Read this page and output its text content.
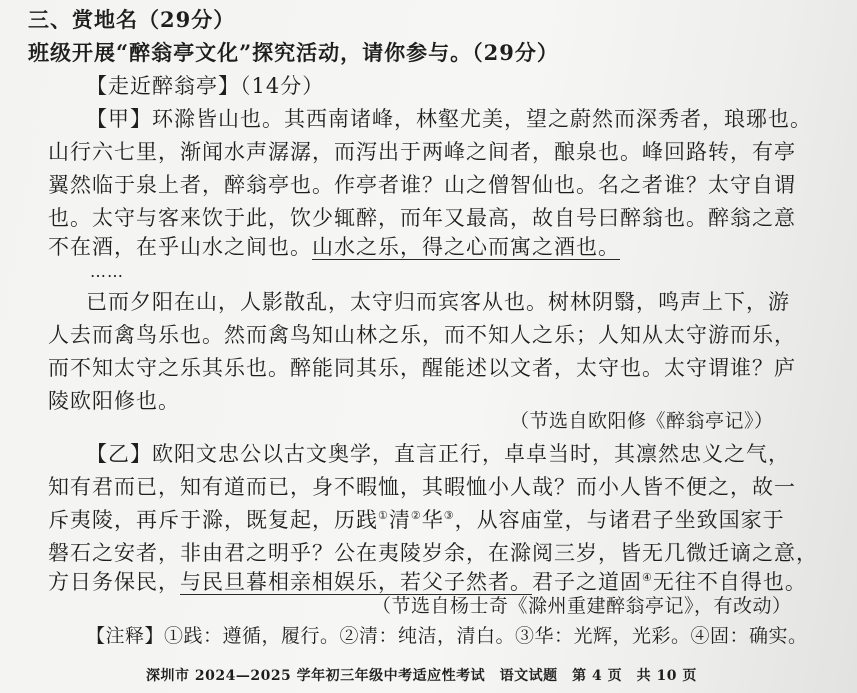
三、赏地名（29分）
班级开展“醉翁亭文化”探究活动，请你参与。（29分）
【走近醉翁亭】（14分）
【甲】环滁皆山也。其西南诸峰，林壑尤美，望之蔚然而深秀者，琅琊也。
山行六七里，渐闻水声潺潺，而泻出于两峰之间者，酿泉也。峰回路转，有亭
翼然临于泉上者，醉翁亭也。作亭者谁？山之僧智仙也。名之者谁？太守自谓
也。太守与客来饮于此，饮少辄醉，而年又最高，故自号曰醉翁也。醉翁之意
不在酒，在乎山水之间也。山水之乐，得之心而寓之酒也。
……
已而夕阳在山，人影散乱，太守归而宾客从也。树林阴翳，鸣声上下，游
人去而禽鸟乐也。然而禽鸟知山林之乐，而不知人之乐；人知从太守游而乐，
而不知太守之乐其乐也。醉能同其乐，醒能述以文者，太守也。太守谓谁？庐
陵欧阳修也。
（节选自欧阳修《醉翁亭记》）
【乙】欧阳文忠公以古文奥学，直言正行，卓卓当时，其凛然忠义之气，
知有君而已，知有道而已，身不暇恤，其暇恤小人哉？而小人皆不便之，故一
斥夷陵，再斥于滁，既复起，历践①清②华③，从容庙堂，与诸君子坐致国家于
磐石之安者，非由君之明乎？公在夷陵岁余，在滁阅三岁，皆无几微迁谪之意，
方日务保民，与民旦暮相亲相娱乐，若父子然者。君子之道固④无往不自得也。
（节选自杨士奇《滁州重建醉翁亭记》，有改动）
【注释】①践：遵循，履行。②清：纯洁，清白。③华：光辉，光彩。④固：确实。
深圳市 2024—2025 学年初三年级中考适应性考试　语文试题　第 4 页　共 10 页
